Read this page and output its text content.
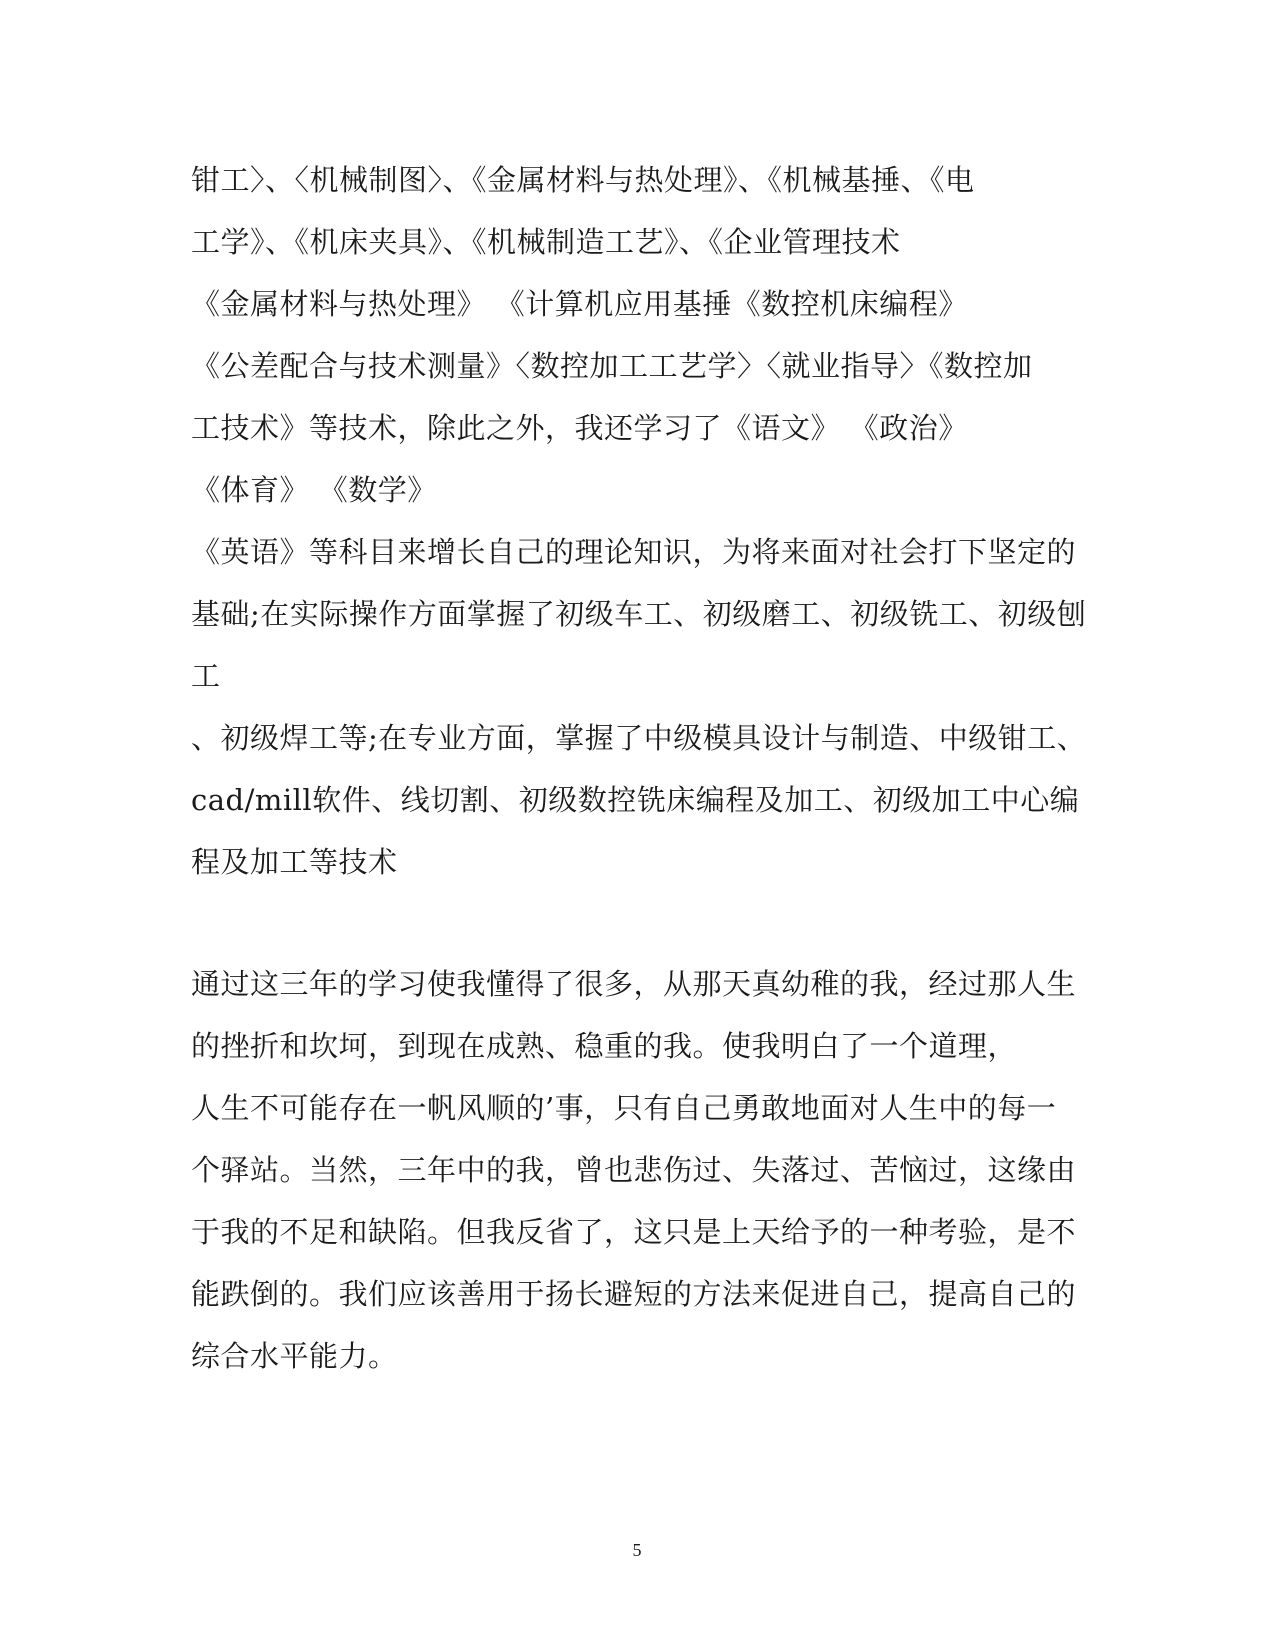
钳工〉、〈机械制图〉、《金属材料与热处理》、《机械基捶、《电
工学》、《机床夹具》、《机械制造工艺》、《企业管理技术
《金属材料与热处理》 《计算机应用基捶《数控机床编程》
《公差配合与技术测量》〈数控加工工艺学〉〈就业指导〉《数控加
工技术》等技术，除此之外，我还学习了《语文》 《政治》
《体育》 《数学》
《英语》等科目来增长自己的理论知识，为将来面对社会打下坚定的
基础;在实际操作方面掌握了初级车工、初级磨工、初级铣工、初级刨
工
、初级焊工等;在专业方面，掌握了中级模具设计与制造、中级钳工、
cad/mill软件、线切割、初级数控铣床编程及加工、初级加工中心编
程及加工等技术
通过这三年的学习使我懂得了很多，从那天真幼稚的我，经过那人生
的挫折和坎坷，到现在成熟、稳重的我。使我明白了一个道理，
人生不可能存在一帆风顺的’事，只有自己勇敢地面对人生中的每一
个驿站。当然，三年中的我，曾也悲伤过、失落过、苦恼过，这缘由
于我的不足和缺陷。但我反省了，这只是上天给予的一种考验，是不
能跌倒的。我们应该善用于扬长避短的方法来促进自己，提高自己的
综合水平能力。
5
